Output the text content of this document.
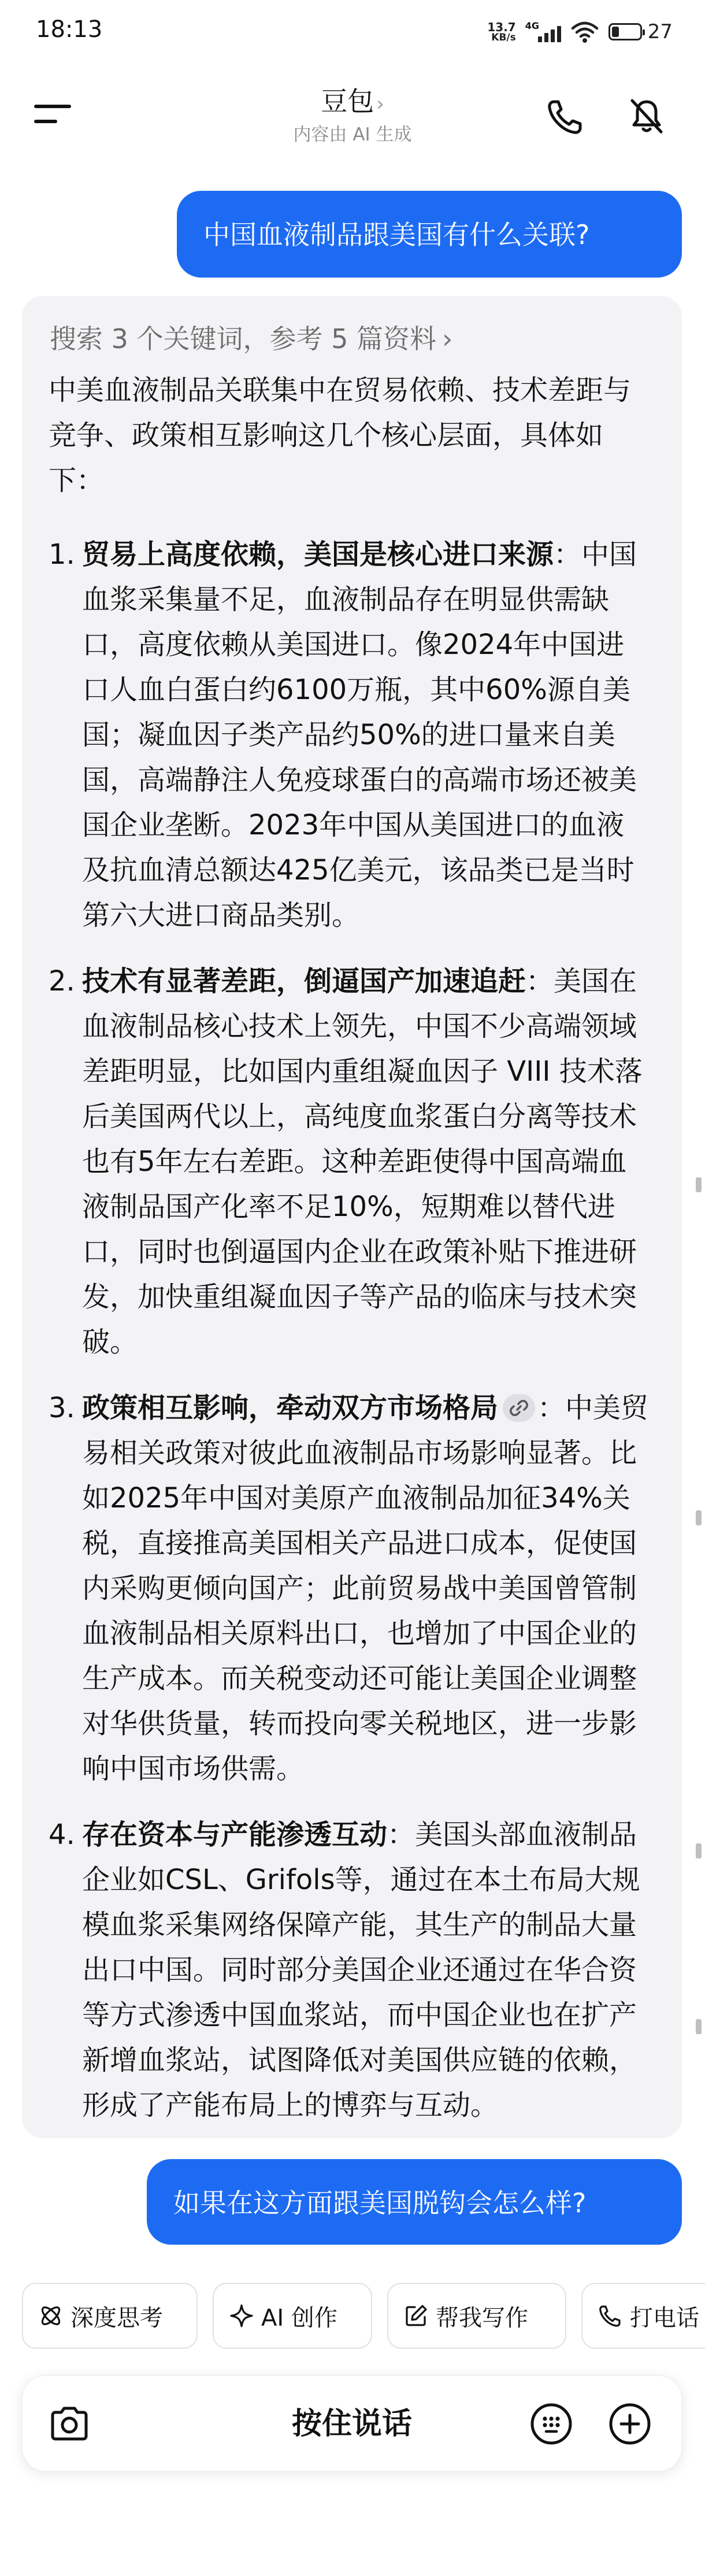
18:13	13.7
KB/s
4G	27
豆包 ›
内容由 AI 生成
中国血液制品跟美国有什么关联?
搜索 3 个关键词，参考 5 篇资料 ›
中美血液制品关联集中在贸易依赖、技术差距与竞争、政策相互影响这几个核心层面，具体如下：
1. 贸易上高度依赖，美国是核心进口来源：中国血浆采集量不足，血液制品存在明显供需缺口，高度依赖从美国进口。像2024年中国进口人血白蛋白约6100万瓶，其中60%源自美国；凝血因子类产品约50%的进口量来自美国，高端静注人免疫球蛋白的高端市场还被美国企业垄断。2023年中国从美国进口的血液及抗血清总额达425亿美元，该品类已是当时第六大进口商品类别。
2. 技术有显著差距，倒逼国产加速追赶：美国在血液制品核心技术上领先，中国不少高端领域差距明显，比如国内重组凝血因子 VIII 技术落后美国两代以上，高纯度血浆蛋白分离等技术也有5年左右差距。这种差距使得中国高端血液制品国产化率不足10%，短期难以替代进口，同时也倒逼国内企业在政策补贴下推进研发，加快重组凝血因子等产品的临床与技术突破。
3. 政策相互影响，牵动双方市场格局 ：中美贸易相关政策对彼此血液制品市场影响显著。比如2025年中国对美原产血液制品加征34%关税，直接推高美国相关产品进口成本，促使国内采购更倾向国产；此前贸易战中美国曾管制血液制品相关原料出口，也增加了中国企业的生产成本。而关税变动还可能让美国企业调整对华供货量，转而投向零关税地区，进一步影响中国市场供需。
4. 存在资本与产能渗透互动：美国头部血液制品企业如CSL、Grifols等，通过在本土布局大规模血浆采集网络保障产能，其生产的制品大量出口中国。同时部分美国企业还通过在华合资等方式渗透中国血浆站，而中国企业也在扩产新增血浆站，试图降低对美国供应链的依赖，形成了产能布局上的博弈与互动。
如果在这方面跟美国脱钩会怎么样?
深度思考	AI 创作	帮我写作	打电话
按住说话
